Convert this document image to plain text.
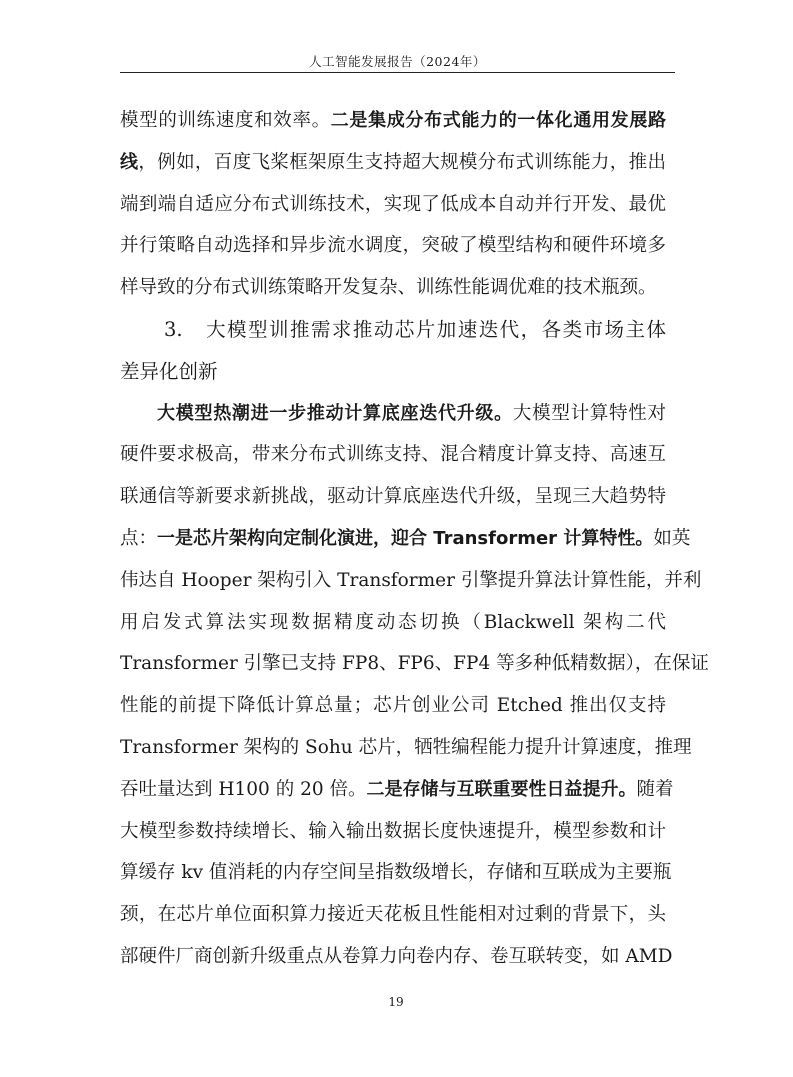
人工智能发展报告（2024年）
模型的训练速度和效率。二是集成分布式能力的一体化通用发展路
线，例如，百度飞桨框架原生支持超大规模分布式训练能力，推出
端到端自适应分布式训练技术，实现了低成本自动并行开发、最优
并行策略自动选择和异步流水调度，突破了模型结构和硬件环境多
样导致的分布式训练策略开发复杂、训练性能调优难的技术瓶颈。
3. 大模型训推需求推动芯片加速迭代，各类市场主体
差异化创新
大模型热潮进一步推动计算底座迭代升级。大模型计算特性对
硬件要求极高，带来分布式训练支持、混合精度计算支持、高速互
联通信等新要求新挑战，驱动计算底座迭代升级，呈现三大趋势特
点：一是芯片架构向定制化演进，迎合 Transformer 计算特性。如英
伟达自 Hooper 架构引入 Transformer 引擎提升算法计算性能，并利
用启发式算法实现数据精度动态切换（Blackwell 架构二代
Transformer 引擎已支持 FP8、FP6、FP4 等多种低精数据），在保证
性能的前提下降低计算总量；芯片创业公司 Etched 推出仅支持
Transformer 架构的 Sohu 芯片，牺牲编程能力提升计算速度，推理
吞吐量达到 H100 的 20 倍。二是存储与互联重要性日益提升。随着
大模型参数持续增长、输入输出数据长度快速提升，模型参数和计
算缓存 kv 值消耗的内存空间呈指数级增长，存储和互联成为主要瓶
颈，在芯片单位面积算力接近天花板且性能相对过剩的背景下，头
部硬件厂商创新升级重点从卷算力向卷内存、卷互联转变，如 AMD
19
